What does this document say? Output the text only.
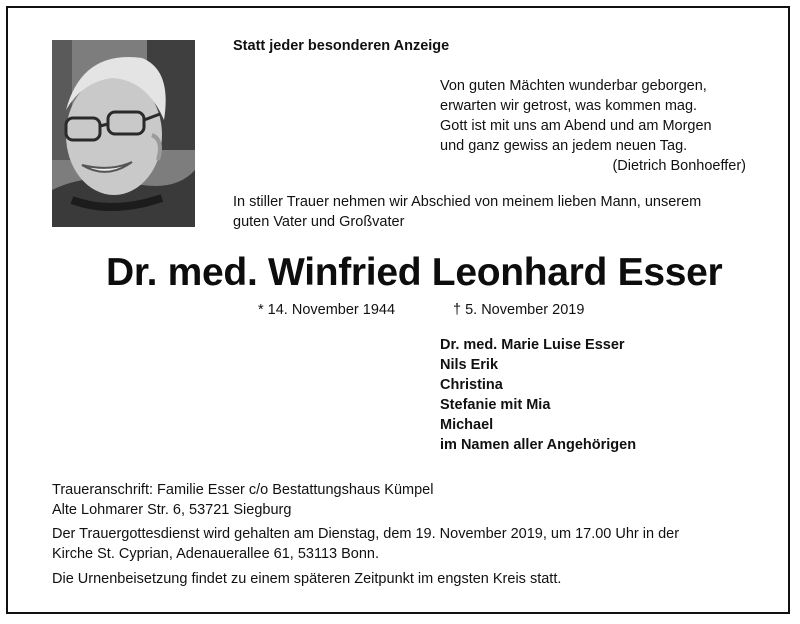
Statt jeder besonderen Anzeige
Von guten Mächten wunderbar geborgen,
erwarten wir getrost, was kommen mag.
Gott ist mit uns am Abend und am Morgen
und ganz gewiss an jedem neuen Tag.
(Dietrich Bonhoeffer)
In stiller Trauer nehmen wir Abschied von meinem lieben Mann, unserem
guten Vater und Großvater
Dr. med. Winfried Leonhard Esser
* 14. November 1944	† 5. November 2019
Dr. med. Marie Luise Esser
Nils Erik
Christina
Stefanie mit Mia
Michael
im Namen aller Angehörigen
Traueranschrift: Familie Esser c/o Bestattungshaus Kümpel
Alte Lohmarer Str. 6, 53721 Siegburg
Der Trauergottesdienst wird gehalten am Dienstag, dem 19. November 2019, um 17.00 Uhr in der
Kirche St. Cyprian, Adenauerallee 61, 53113 Bonn.
Die Urnenbeisetzung findet zu einem späteren Zeitpunkt im engsten Kreis statt.
